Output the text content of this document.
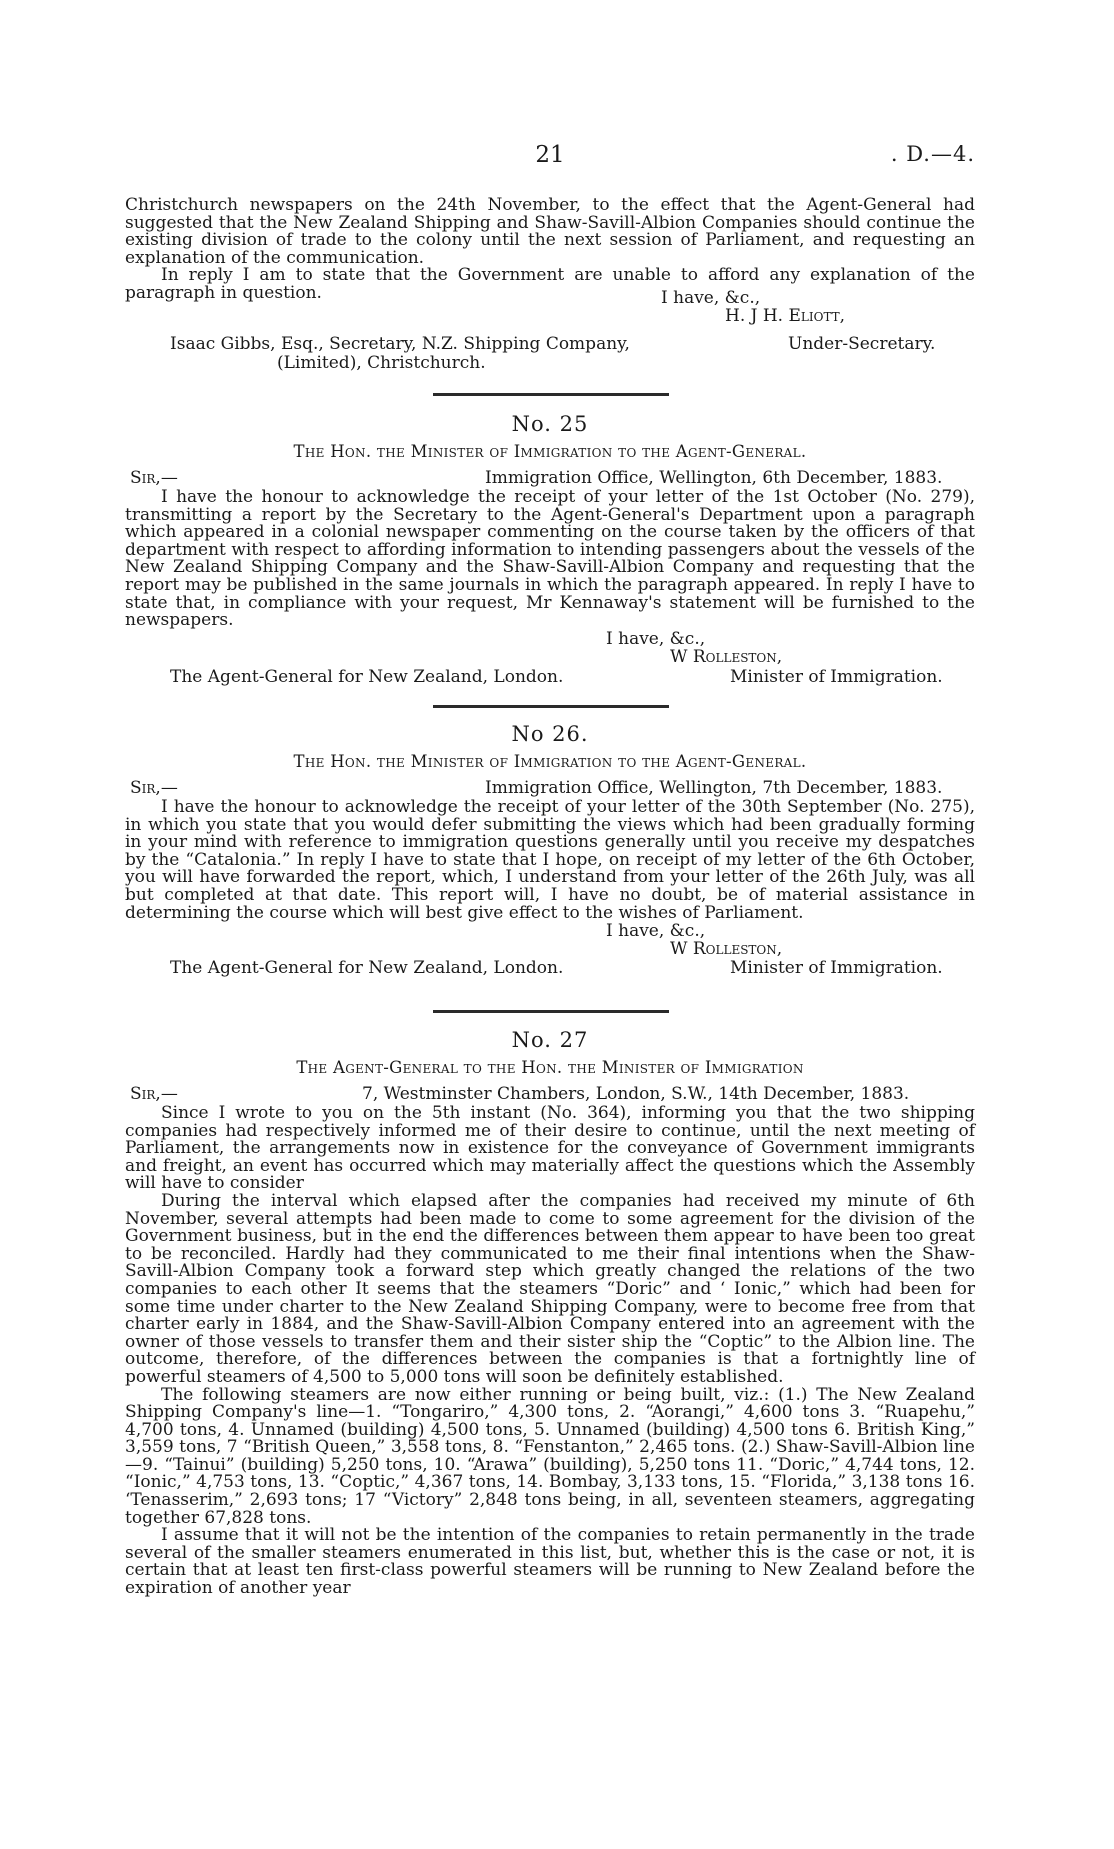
21	. D.—4.

Christchurch newspapers on the 24th November, to the effect that the Agent-General had suggested that the New Zealand Shipping and Shaw-Savill-Albion Companies should continue the existing division of trade to the colony until the next session of Parliament, and requesting an explanation of the communication.

In reply I am to state that the Government are unable to afford any explanation of the paragraph in question.	I have, &c.,
H. J H. Eliott,
Isaac Gibbs, Esq., Secretary, N.Z. Shipping Company,	Under-Secretary.
(Limited), Christchurch.
No. 25
The Hon. the Minister of Immigration to the Agent-General.
Sir,—	Immigration Office, Wellington, 6th December, 1883.

I have the honour to acknowledge the receipt of your letter of the 1st October (No. 279), transmitting a report by the Secretary to the Agent-General's Department upon a paragraph which appeared in a colonial newspaper commenting on the course taken by the officers of that department with respect to affording information to intending passengers about the vessels of the New Zealand Shipping Company and the Shaw-Savill-Albion Company and requesting that the report may be published in the same journals in which the paragraph appeared. In reply I have to state that, in compliance with your request, Mr Kennaway's statement will be furnished to the newspapers.

I have, &c.,
W Rolleston,
The Agent-General for New Zealand, London.	Minister of Immigration.
No 26.
The Hon. the Minister of Immigration to the Agent-General.
Sir,—	Immigration Office, Wellington, 7th December, 1883.

I have the honour to acknowledge the receipt of your letter of the 30th September (No. 275), in which you state that you would defer submitting the views which had been gradually forming in your mind with reference to immigration questions generally until you receive my despatches by the “Catalonia.” In reply I have to state that I hope, on receipt of my letter of the 6th October, you will have forwarded the report, which, I understand from your letter of the 26th July, was all but completed at that date. This report will, I have no doubt, be of material assistance in determining the course which will best give effect to the wishes of Parliament.

I have, &c.,
W Rolleston,
The Agent-General for New Zealand, London.	Minister of Immigration.
No. 27
The Agent-General to the Hon. the Minister of Immigration
Sir,—	7, Westminster Chambers, London, S.W., 14th December, 1883.

Since I wrote to you on the 5th instant (No. 364), informing you that the two shipping companies had respectively informed me of their desire to continue, until the next meeting of Parliament, the arrangements now in existence for the conveyance of Government immigrants and freight, an event has occurred which may materially affect the questions which the Assembly will have to consider

During the interval which elapsed after the companies had received my minute of 6th November, several attempts had been made to come to some agreement for the division of the Government business, but in the end the differences between them appear to have been too great to be reconciled. Hardly had they communicated to me their final intentions when the Shaw-Savill-Albion Company took a forward step which greatly changed the relations of the two companies to each other It seems that the steamers “Doric” and ‘ Ionic,” which had been for some time under charter to the New Zealand Shipping Company, were to become free from that charter early in 1884, and the Shaw-Savill-Albion Company entered into an agreement with the owner of those vessels to transfer them and their sister ship the “Coptic” to the Albion line. The outcome, therefore, of the differences between the companies is that a fortnightly line of powerful steamers of 4,500 to 5,000 tons will soon be definitely established.

The following steamers are now either running or being built, viz.: (1.) The New Zealand Shipping Company's line—1. “Tongariro,” 4,300 tons, 2. “Aorangi,” 4,600 tons 3. “Ruapehu,” 4,700 tons, 4. Unnamed (building) 4,500 tons, 5. Unnamed (building) 4,500 tons 6. British King,” 3,559 tons, 7 “British Queen,” 3,558 tons, 8. “Fenstanton,” 2,465 tons. (2.) Shaw-Savill-Albion line—9. “Tainui” (building) 5,250 tons, 10. “Arawa” (building), 5,250 tons 11. “Doric,” 4,744 tons, 12. “Ionic,” 4,753 tons, 13. “Coptic,” 4,367 tons, 14. Bombay, 3,133 tons, 15. “Florida,” 3,138 tons 16. ‘Tenasserim,” 2,693 tons; 17 “Victory” 2,848 tons being, in all, seventeen steamers, aggregating together 67,828 tons.

I assume that it will not be the intention of the companies to retain permanently in the trade several of the smaller steamers enumerated in this list, but, whether this is the case or not, it is certain that at least ten first-class powerful steamers will be running to New Zealand before the expiration of another year
